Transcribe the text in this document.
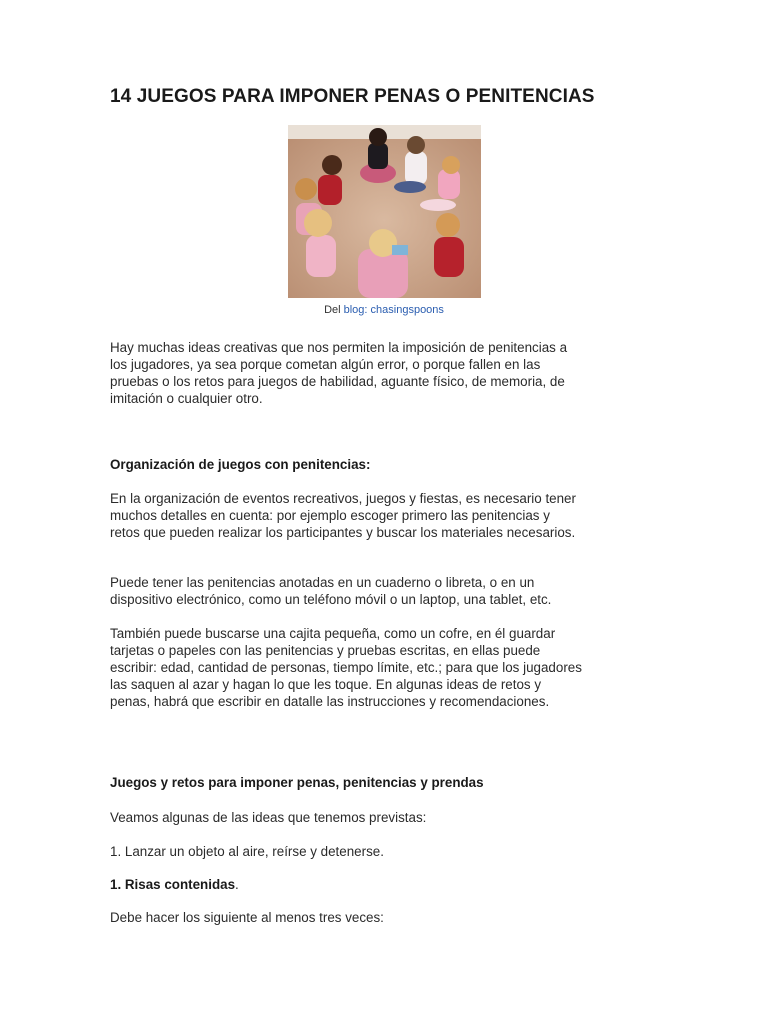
14 JUEGOS PARA IMPONER PENAS O PENITENCIAS
Del blog: chasingspoons
Hay muchas ideas creativas que nos permiten la imposición de penitencias a
los jugadores, ya sea porque cometan algún error, o porque fallen en las
pruebas o los retos para juegos de habilidad, aguante físico, de memoria, de
imitación o cualquier otro.
Organización de juegos con penitencias:
En la organización de eventos recreativos, juegos y fiestas, es necesario tener
muchos detalles en cuenta: por ejemplo escoger primero las penitencias y
retos que pueden realizar los participantes y buscar los materiales necesarios.
Puede tener las penitencias anotadas en un cuaderno o libreta, o en un
dispositivo electrónico, como un teléfono móvil o un laptop, una tablet, etc.
También puede buscarse una cajita pequeña, como un cofre, en él guardar
tarjetas o papeles con las penitencias y pruebas escritas, en ellas puede
escribir: edad, cantidad de personas, tiempo límite, etc.; para que los jugadores
las saquen al azar y hagan lo que les toque. En algunas ideas de retos y
penas, habrá que escribir en datalle las instrucciones y recomendaciones.
Juegos y retos para imponer penas, penitencias y prendas
Veamos algunas de las ideas que tenemos previstas:
1. Lanzar un objeto al aire, reírse y detenerse.
1. Risas contenidas.
Debe hacer los siguiente al menos tres veces:
